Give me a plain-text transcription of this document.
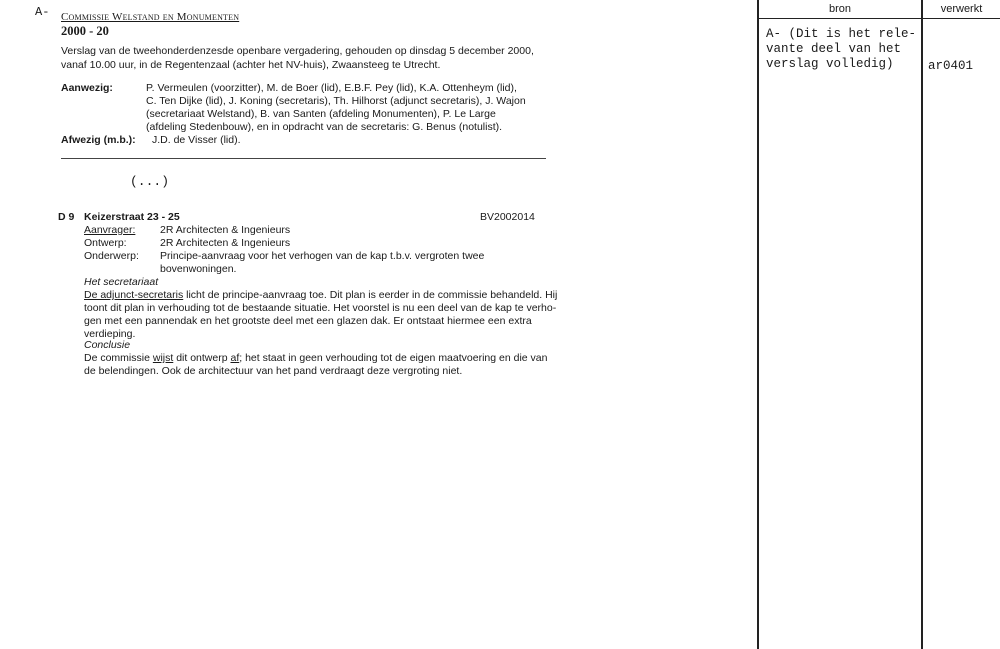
A- Commissie Welstand en Monumenten
2000 - 20
Verslag van de tweehonderdenzesde openbare vergadering, gehouden op dinsdag 5 december 2000,
vanaf 10.00 uur, in de Regentenzaal (achter het NV-huis), Zwaansteeg te Utrecht.
Aanwezig:	P. Vermeulen (voorzitter), M. de Boer (lid), E.B.F. Pey (lid), K.A. Ottenheym (lid),
C. Ten Dijke (lid), J. Koning (secretaris), Th. Hilhorst (adjunct secretaris), J. Wajon
(secretariaat Welstand), B. van Santen (afdeling Monumenten), P. Le Large
(afdeling Stedenbouw), en in opdracht van de secretaris: G. Benus (notulist).
Afwezig (m.b.): J.D. de Visser (lid).
(...)
D 9 Keizerstraat 23 - 25	BV2002014
Aanvrager: 2R Architecten & Ingenieurs
Ontwerp:	2R Architecten & Ingenieurs
Onderwerp: Principe-aanvraag voor het verhogen van de kap t.b.v. vergroten twee
bovenwoningen.
Het secretariaat
De adjunct-secretaris licht de principe-aanvraag toe. Dit plan is eerder in de commissie behandeld. Hij
toont dit plan in verhouding tot de bestaande situatie. Het voorstel is nu een deel van de kap te verho-
gen met een pannendak en het grootste deel met een glazen dak. Er ontstaat hiermee een extra
verdieping.
Conclusie
De commissie wijst dit ontwerp af; het staat in geen verhouding tot de eigen maatvoering en die van
de belendingen. Ook de architectuur van het pand verdraagt deze vergroting niet.
bron	verwerkt
A- (Dit is het rele-
vante deel van het
verslag volledig)	ar0401
